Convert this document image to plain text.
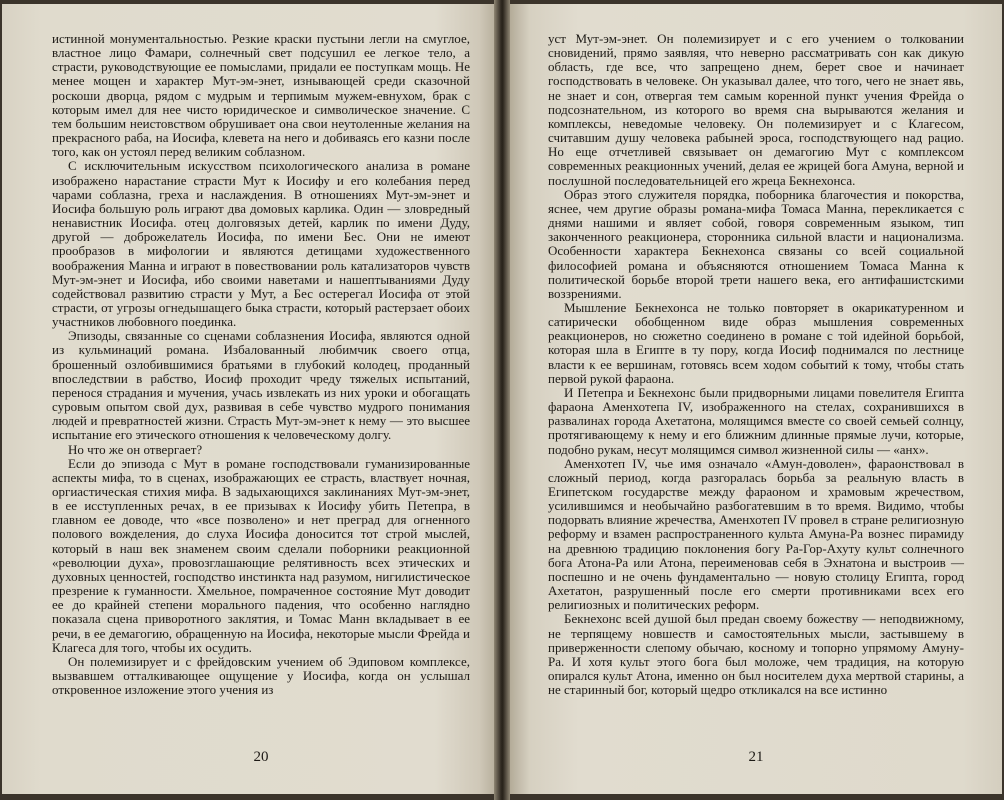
истинной монументальностью. Резкие краски пустыни легли на смуглое, властное лицо Фамари, солнечный свет подсушил ее легкое тело, а страсти, руководствующие ее помыслами, придали ее поступкам мощь. Не менее мощен и характер Мут-эм-энет, изнывающей среди сказочной роскоши дворца, рядом с мудрым и терпимым мужем-евнухом, брак с которым имел для нее чисто юридическое и символическое значение. С тем большим неистовством обрушивает она свои неутоленные желания на прекрасного раба, на Иосифа, клевета на него и добиваясь его казни после того, как он устоял перед великим соблазном.

С исключительным искусством психологического анализа в романе изображено нарастание страсти Мут к Иосифу и его колебания перед чарами соблазна, греха и наслаждения. В отношениях Мут-эм-энет и Иосифа большую роль играют два домовых карлика. Один — зловредный ненавистник Иосифа. отец долговязых детей, карлик по имени Дуду, другой — доброжелатель Иосифа, по имени Бес. Они не имеют прообразов в мифологии и являются детищами художественного воображения Манна и играют в повествовании роль катализаторов чувств Мут-эм-энет и Иосифа, ибо своими наветами и нашептываниями Дуду содействовал развитию страсти у Мут, а Бес остерегал Иосифа от этой страсти, от угрозы огнедышащего быка страсти, который растерзает обоих участников любовного поединка.

Эпизоды, связанные со сценами соблазнения Иосифа, являются одной из кульминаций романа. Избалованный любимчик своего отца, брошенный озлобившимися братьями в глубокий колодец, проданный впоследствии в рабство, Иосиф проходит чреду тяжелых испытаний, перенося страдания и мучения, учась извлекать из них уроки и обогащать суровым опытом свой дух, развивая в себе чувство мудрого понимания людей и превратностей жизни. Страсть Мут-эм-энет к нему — это высшее испытание его этического отношения к человеческому долгу.

Но что же он отвергает?

Если до эпизода с Мут в романе господствовали гуманизированные аспекты мифа, то в сценах, изображающих ее страсть, властвует ночная, оргиастическая стихия мифа. В задыхающихся заклинаниях Мут-эм-энет, в ее исступленных речах, в ее призывах к Иосифу убить Петепра, в главном ее доводе, что «все позволено» и нет преград для огненного полового вожделения, до слуха Иосифа доносится тот строй мыслей, который в наш век знаменем своим сделали поборники реакционной «революции духа», провозглашающие релятивность всех этических и духовных ценностей, господство инстинкта над разумом, нигилистическое презрение к гуманности. Хмельное, помраченное состояние Мут доводит ее до крайней степени морального падения, что особенно наглядно показала сцена приворотного заклятия, и Томас Манн вкладывает в ее речи, в ее демагогию, обращенную на Иосифа, некоторые мысли Фрейда и Клагеса для того, чтобы их осудить.

Он полемизирует и с фрейдовским учением об Эдиповом комплексе, вызвавшем отталкивающее ощущение у Иосифа, когда он услышал откровенное изложение этого учения из

20

уст Мут-эм-энет. Он полемизирует и с его учением о толковании сновидений, прямо заявляя, что неверно рассматривать сон как дикую область, где все, что запрещено днем, берет свое и начинает господствовать в человеке. Он указывал далее, что того, чего не знает явь, не знает и сон, отвергая тем самым коренной пункт учения Фрейда о подсознательном, из которого во время сна вырываются желания и комплексы, неведомые человеку. Он полемизирует и с Клагесом, считавшим душу человека рабыней эроса, господствующего над рацио. Но еще отчетливей связывает он демагогию Мут с комплексом современных реакционных учений, делая ее жрицей бога Амуна, верной и послушной последовательницей его жреца Бекнехонса.

Образ этого служителя порядка, поборника благочестия и покорства, яснее, чем другие образы романа-мифа Томаса Манна, перекликается с днями нашими и являет собой, говоря современным языком, тип законченного реакционера, сторонника сильной власти и национализма. Особенности характера Бекнехонса связаны со всей социальной философией романа и объясняются отношением Томаса Манна к политической борьбе второй трети нашего века, его антифашистскими воззрениями.

Мышление Бекнехонса не только повторяет в окарикатуренном и сатирически обобщенном виде образ мышления современных реакционеров, но сюжетно соединено в романе с той идейной борьбой, которая шла в Египте в ту пору, когда Иосиф поднимался по лестнице власти к ее вершинам, готовясь всем ходом событий к тому, чтобы стать первой рукой фараона.

И Петепра и Бекнехонс были придворными лицами повелителя Египта фараона Аменхотепа IV, изображенного на стелах, сохранившихся в развалинах города Ахетатона, молящимся вместе со своей семьей солнцу, протягивающему к нему и его ближним длинные прямые лучи, которые, подобно рукам, несут молящимся символ жизненной силы — «анх».

Аменхотеп IV, чье имя означало «Амун-доволен», фараонствовал в сложный период, когда разгоралась борьба за реальную власть в Египетском государстве между фараоном и храмовым жречеством, усилившимся и необычайно разбогатевшим в то время. Видимо, чтобы подорвать влияние жречества, Аменхотеп IV провел в стране религиозную реформу и взамен распространенного культа Амуна-Ра вознес пирамиду на древнюю традицию поклонения богу Ра-Гор-Ахуту культ солнечного бога Атона-Ра или Атона, переименовав себя в Эхнатона и выстроив — поспешно и не очень фундаментально — новую столицу Египта, город Ахетатон, разрушенный после его смерти противниками всех его религиозных и политических реформ.

Бекнехонс всей душой был предан своему божеству — неподвижному, не терпящему новшеств и самостоятельных мысли, застывшему в приверженности слепому обычаю, косному и топорно упрямому Амуну-Ра. И хотя культ этого бога был моложе, чем традиция, на которую опирался культ Атона, именно он был носителем духа мертвой старины, а не старинный бог, который щедро откликался на все истинно

21
